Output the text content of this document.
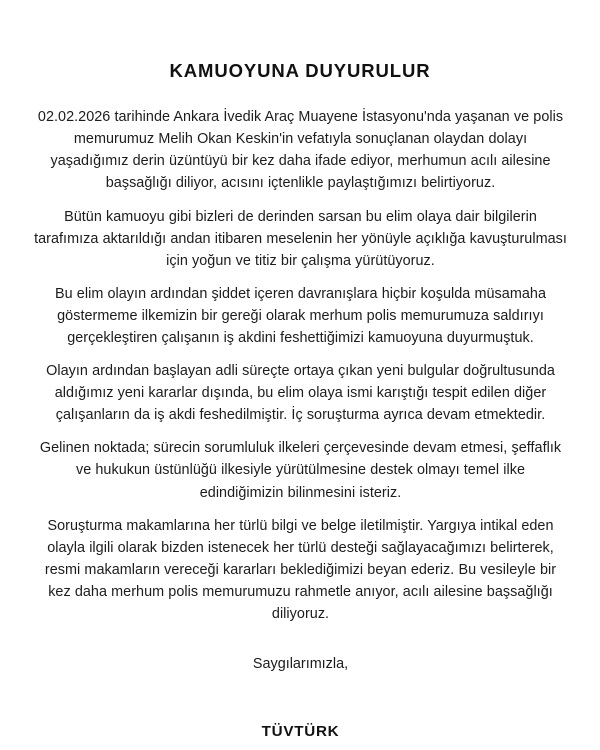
KAMUOYUNA DUYURULUR

02.02.2026 tarihinde Ankara İvedik Araç Muayene İstasyonu'nda yaşanan ve polis memurumuz Melih Okan Keskin'in vefatıyla sonuçlanan olaydan dolayı yaşadığımız derin üzüntüyü bir kez daha ifade ediyor, merhumun acılı ailesine başsağlığı diliyor, acısını içtenlikle paylaştığımızı belirtiyoruz.

Bütün kamuoyu gibi bizleri de derinden sarsan bu elim olaya dair bilgilerin tarafımıza aktarıldığı andan itibaren meselenin her yönüyle açıklığa kavuşturulması için yoğun ve titiz bir çalışma yürütüyoruz.

Bu elim olayın ardından şiddet içeren davranışlara hiçbir koşulda müsamaha göstermeme ilkemizin bir gereği olarak merhum polis memurumuza saldırıyı gerçekleştiren çalışanın iş akdini feshettiğimizi kamuoyuna duyurmuştuk.

Olayın ardından başlayan adli süreçte ortaya çıkan yeni bulgular doğrultusunda aldığımız yeni kararlar dışında, bu elim olaya ismi karıştığı tespit edilen diğer çalışanların da iş akdi feshedilmiştir. İç soruşturma ayrıca devam etmektedir.

Gelinen noktada; sürecin sorumluluk ilkeleri çerçevesinde devam etmesi, şeffaflık ve hukukun üstünlüğü ilkesiyle yürütülmesine destek olmayı temel ilke edindiğimizin bilinmesini isteriz.

Soruşturma makamlarına her türlü bilgi ve belge iletilmiştir. Yargıya intikal eden olayla ilgili olarak bizden istenecek her türlü desteği sağlayacağımızı belirterek, resmi makamların vereceği kararları beklediğimizi beyan ederiz. Bu vesileyle bir kez daha merhum polis memurumuzu rahmetle anıyor, acılı ailesine başsağlığı diliyoruz.

Saygılarımızla,

TÜVTÜRK
